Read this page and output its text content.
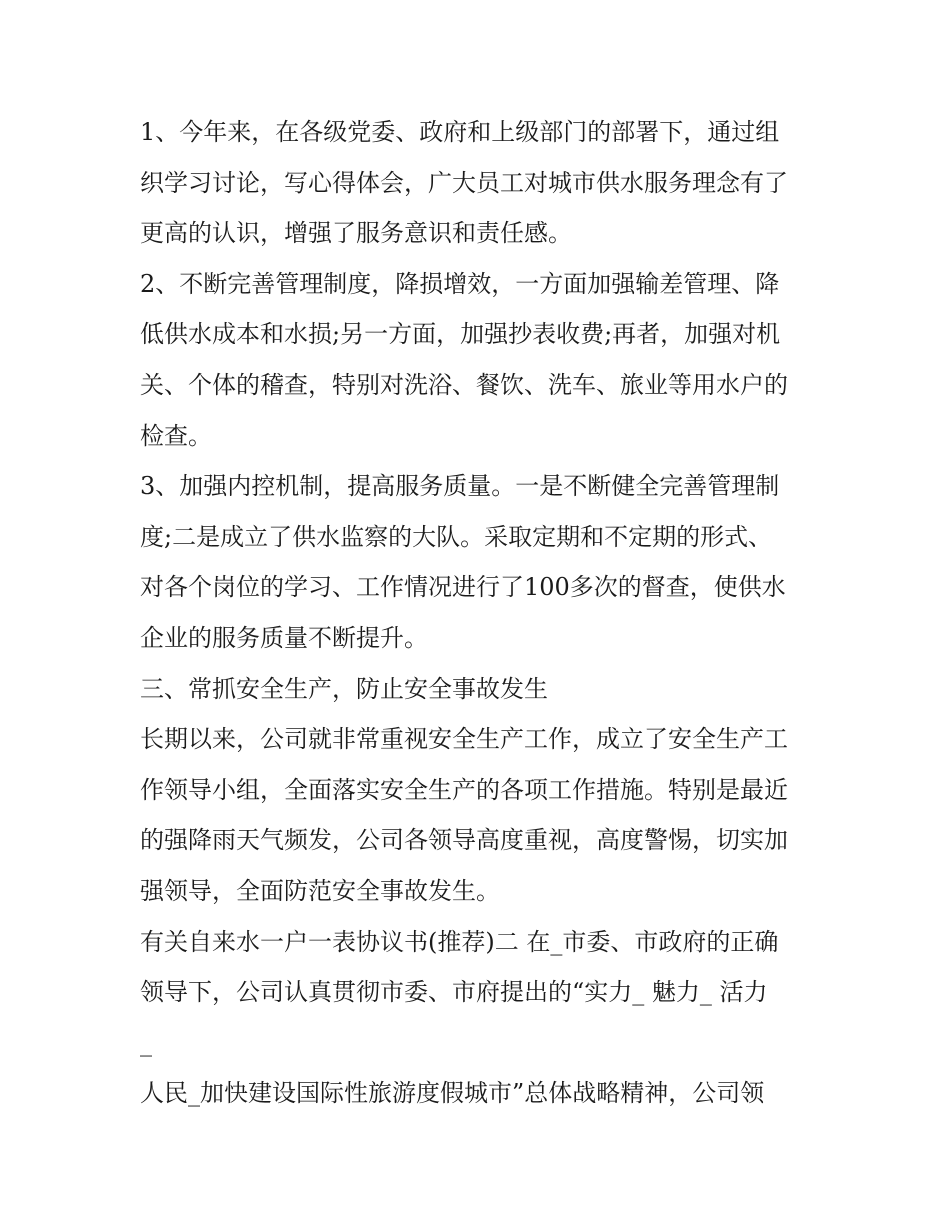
1、今年来，在各级党委、政府和上级部门的部署下，通过组
织学习讨论，写心得体会，广大员工对城市供水服务理念有了
更高的认识，增强了服务意识和责任感。
2、不断完善管理制度，降损增效，一方面加强输差管理、降
低供水成本和水损;另一方面，加强抄表收费;再者，加强对机
关、个体的稽查，特别对洗浴、餐饮、洗车、旅业等用水户的
检查。
3、加强内控机制，提高服务质量。一是不断健全完善管理制
度;二是成立了供水监察的大队。采取定期和不定期的形式、
对各个岗位的学习、工作情况进行了100多次的督查，使供水
企业的服务质量不断提升。
三、常抓安全生产，防止安全事故发生
长期以来，公司就非常重视安全生产工作，成立了安全生产工
作领导小组，全面落实安全生产的各项工作措施。特别是最近
的强降雨天气频发，公司各领导高度重视，高度警惕，切实加
强领导，全面防范安全事故发生。
有关自来水一户一表协议书(推荐)二 在_市委、市政府的正确
领导下，公司认真贯彻市委、市府提出的“实力_ 魅力_ 活力
_
人民_加快建设国际性旅游度假城市”总体战略精神，公司领
